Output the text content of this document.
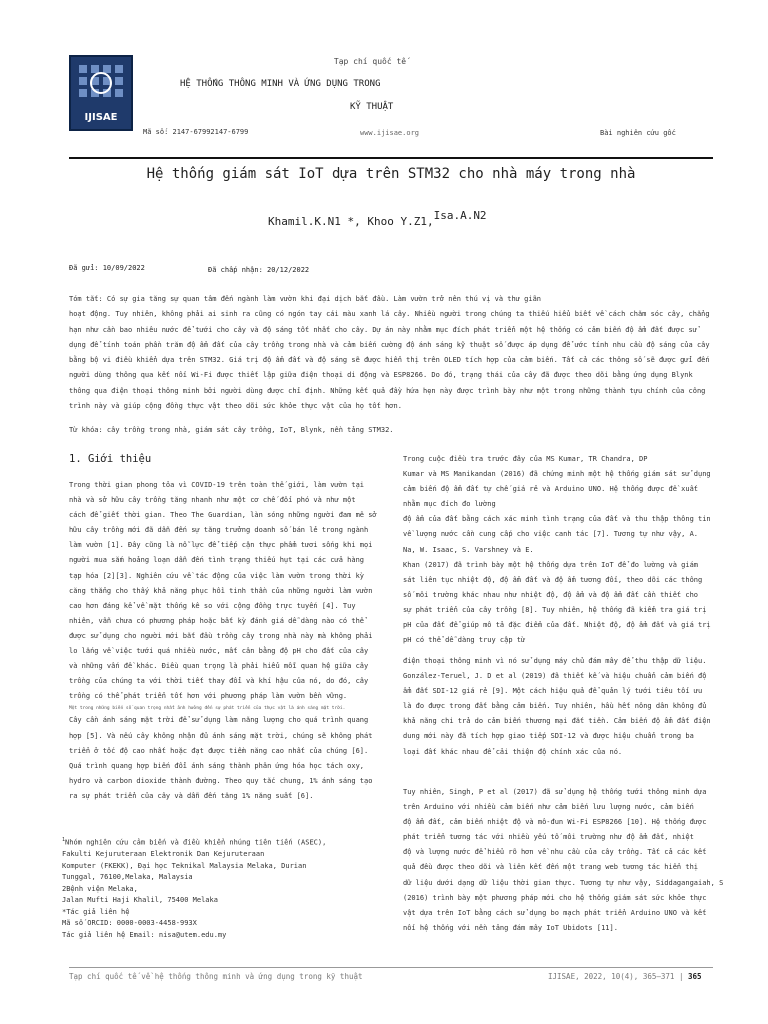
IJISAE
Tạp chí quốc tế
HỆ THỐNG THÔNG MINH VÀ ỨNG DỤNG TRONG
KỸ THUẬT
Mã số: 2147-67992147-6799	www.ijisae.org	Bài nghiên cứu gốc
Hệ thống giám sát IoT dựa trên STM32 cho nhà máy trong nhà
Khamil.K.N1 *, Khoo Y.Z1,Isa.A.N2
Đã gửi: 10/09/2022	Đã chấp nhận: 20/12/2022
Tóm tắt: Có sự gia tăng sự quan tâm đến ngành làm vườn khi đại dịch bắt đầu. Làm vườn trở nên thú vị và thư giãn
hoạt động. Tuy nhiên, không phải ai sinh ra cũng có ngón tay cái màu xanh lá cây. Nhiều người trong chúng ta thiếu hiểu biết về cách chăm sóc cây, chẳng
hạn như cần bao nhiêu nước để tưới cho cây và độ sáng tốt nhất cho cây. Dự án này nhằm mục đích phát triển một hệ thống có cảm biến độ ẩm đất được sử
dụng để tính toán phần trăm độ ẩm đất của cây trồng trong nhà và cảm biến cường độ ánh sáng kỹ thuật số được áp dụng để ước tính nhu cầu độ sáng của cây
bằng bộ vi điều khiển dựa trên STM32. Giá trị độ ẩm đất và độ sáng sẽ được hiển thị trên OLED tích hợp của cảm biến. Tất cả các thông số sẽ được gửi đến
người dùng thông qua kết nối Wi-Fi được thiết lập giữa điện thoại di động và ESP8266. Do đó, trạng thái của cây đã được theo dõi bằng ứng dụng Blynk
thông qua điện thoại thông minh bởi người dùng được chỉ định. Những kết quả đầy hứa hẹn này được trình bày như một trong những thành tựu chính của công
trình này và giúp cộng đồng thực vật theo dõi sức khỏe thực vật của họ tốt hơn.
Từ khóa: cây trồng trong nhà, giám sát cây trồng, IoT, Blynk, nền tảng STM32.
1. Giới thiệu
Trong thời gian phong tỏa vì COVID-19 trên toàn thế giới, làm vườn tại
nhà và sở hữu cây trồng tăng nhanh như một cơ chế đối phó và như một
cách để giết thời gian. Theo The Guardian, làn sóng những người đam mê sở
hữu cây trồng mới đã dẫn đến sự tăng trưởng doanh số bán lẻ trong ngành
làm vườn [1]. Đây cũng là nỗ lực để tiếp cận thực phẩm tươi sống khi mọi
người mua sắm hoảng loạn dẫn đến tình trạng thiếu hụt tại các cửa hàng
tạp hóa [2][3]. Nghiên cứu về tác động của việc làm vườn trong thời kỳ
căng thẳng cho thấy khả năng phục hồi tinh thần của những người làm vườn
cao hơn đáng kể về mặt thống kê so với cộng đồng trực tuyến [4]. Tuy
nhiên, vẫn chưa có phương pháp hoặc bất kỳ đánh giá dễ dàng nào có thể
được sử dụng cho người mới bắt đầu trồng cây trong nhà này mà không phải
lo lắng về việc tưới quá nhiều nước, mất cân bằng độ pH cho đất của cây
và những vấn đề khác. Điều quan trọng là phải hiểu mỗi quan hệ giữa cây
trồng của chúng ta với thời tiết thay đổi và khí hậu của nó, do đó, cây
trồng có thể phát triển tốt hơn với phương pháp làm vườn bền vững.
Một trong những biến số quan trọng nhất ảnh hưởng đến sự phát triển của thực vật là ánh sáng mặt trời.
Cây cần ánh sáng mặt trời để sử dụng làm năng lượng cho quá trình quang
hợp [5]. Và nếu cây không nhận đủ ánh sáng mặt trời, chúng sẽ không phát
triển ở tốc độ cao nhất hoặc đạt được tiềm năng cao nhất của chúng [6].
Quá trình quang hợp biến đổi ánh sáng thành phân ứng hóa học tách oxy,
hydro và carbon dioxide thành đường. Theo quy tắc chung, 1% ánh sáng tạo
ra sự phát triển của cây và dẫn đến tăng 1% năng suất [6].
Trong cuộc điều tra trước đây của MS Kumar, TR Chandra, DP
Kumar và MS Manikandan (2016) đã chứng minh một hệ thống giám sát sử dụng
cảm biến độ ẩm đất tự chế giá rẻ và Arduino UNO. Hệ thống được đề xuất
nhằm mục đích đo lường
độ ẩm của đất bằng cách xác minh tình trạng của đất và thu thập thông tin
về lượng nước cần cung cấp cho việc canh tác [7]. Tương tự như vậy, A.
Na, W. Isaac, S. Varshney và E.
Khan (2017) đã trình bày một hệ thống dựa trên IoT để đo lường và giám
sát liên tục nhiệt độ, độ ẩm đất và độ ẩm tương đối, theo dõi các thông
số môi trường khác nhau như nhiệt độ, độ ẩm và độ ẩm đất cần thiết cho
sự phát triển của cây trồng [8]. Tuy nhiên, hệ thống đã kiểm tra giá trị
pH của đất để giúp mô tả đặc điểm của đất. Nhiệt độ, độ ẩm đất và giá trị
pH có thể dễ dàng truy cập từ
điện thoại thông minh vì nó sử dụng máy chủ đám mây để thu thập dữ liệu.
González-Teruel, J. D et al (2019) đã thiết kế và hiệu chuẩn cảm biến độ
ẩm đất SDI-12 giá rẻ [9]. Một cách hiệu quả để quản lý tưới tiêu tối ưu
là đo được trong đất bằng cảm biến. Tuy nhiên, hầu hết nông dân không đủ
khả năng chi trả do cảm biến thương mại đắt tiền. Cảm biến độ ẩm đất điện
dung mới này đã tích hợp giao tiếp SDI-12 và được hiệu chuẩn trong ba
loại đất khác nhau để cải thiện độ chính xác của nó.
Tuy nhiên, Singh, P et al (2017) đã sử dụng hệ thống tưới thông minh dựa
trên Arduino với nhiều cảm biến như cảm biến lưu lượng nước, cảm biến
độ ẩm đất, cảm biến nhiệt độ và mô-đun Wi-Fi ESP8266 [10]. Hệ thống được
phát triển tương tác với nhiều yếu tố môi trường như độ ẩm đất, nhiệt
độ và lượng nước để hiểu rõ hơn về nhu cầu của cây trồng. Tất cả các kết
quả đều được theo dõi và liên kết đến một trang web tương tác hiển thị
dữ liệu dưới dạng dữ liệu thời gian thực. Tương tự như vậy, Siddagangaiah, S
(2016) trình bày một phương pháp mới cho hệ thống giám sát sức khỏe thực
vật dựa trên IoT bằng cách sử dụng bo mạch phát triển Arduino UNO và kết
nối hệ thống với nền tảng đám mây IoT Ubidots [11].
$^1$Nhóm nghiên cứu cảm biến và điều khiển nhúng tiên tiến (ASEC),
Fakulti Kejuruteraan Elektronik Dan Kejuruteraan
Komputer (FKEKK), Đại học Teknikal Malaysia Melaka, Durian
Tunggal, 76100,Melaka, Malaysia
2Bệnh viện Melaka,
Jalan Mufti Haji Khalil, 75400 Melaka
*Tác giả liên hệ
Mã số ORCID: 0000-0003-4458-993X
Tác giả liên hệ Email: nisa@utem.edu.my
Tạp chí quốc tế về hệ thống thông minh và ứng dụng trong kỹ thuật	IJISAE, 2022, 10(4), 365–371 | 365
